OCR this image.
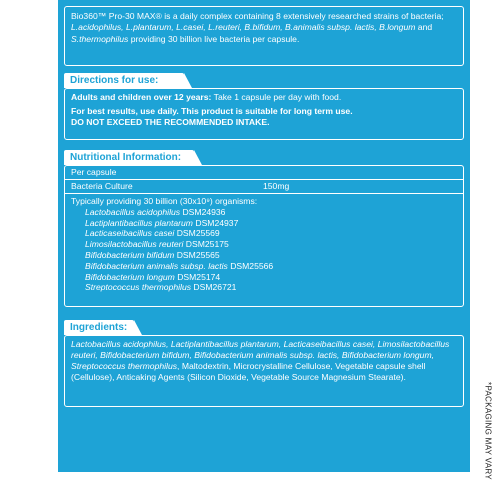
Bio360™ Pro-30 MAX® is a daily complex containing 8 extensively researched strains of bacteria; L.acidophilus, L.plantarum, L.casei, L.reuteri, B.bifidum, B.animalis subsp. lactis, B.longum and S.thermophilus providing 30 billion live bacteria per capsule.
Directions for use:

Adults and children over 12 years: Take 1 capsule per day with food.

For best results, use daily. This product is suitable for long term use.
DO NOT EXCEED THE RECOMMENDED INTAKE.

Nutritional Information:
Per capsule
Bacteria Culture	150mg
Typically providing 30 billion (30x10⁹) organisms:
Lactobacillus acidophilus DSM24936
Lactiplantibacillus plantarum DSM24937
Lacticaseibacillus casei DSM25569
Limosilactobacillus reuteri DSM25175
Bifidobacterium bifidum DSM25565
Bifidobacterium animalis subsp. lactis DSM25566
Bifidobacterium longum DSM25174
Streptococcus thermophilus DSM26721
Ingredients:
Lactobacillus acidophilus, Lactiplantibacillus plantarum, Lacticaseibacillus casei, Limosilactobacillus reuteri, Bifidobacterium bifidum, Bifidobacterium animalis subsp. lactis, Bifidobacterium longum, Streptococcus thermophilus, Maltodextrin, Microcrystalline Cellulose, Vegetable capsule shell (Cellulose), Anticaking Agents (Silicon Dioxide, Vegetable Source Magnesium Stearate).
*PACKAGING MAY VARY
